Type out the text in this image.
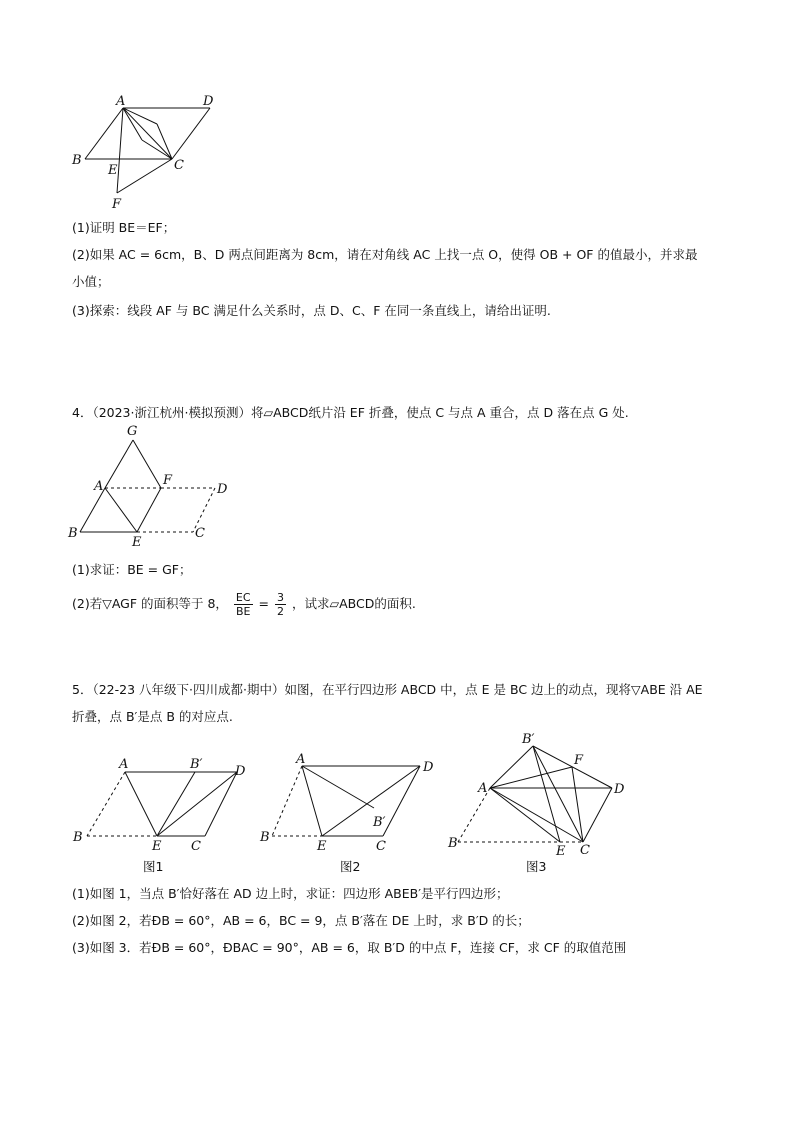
A	D
B
E	C
F
(1)证明 BE＝EF；
(2)如果 AC = 6cm，B、D 两点间距离为 8cm，请在对角线 AC 上找一点 O，使得 OB + OF 的值最小，并求最
小值；
(3)探索：线段 AF 与 BC 满足什么关系时，点 D、C、F 在同一条直线上，请给出证明.
4．（2023·浙江杭州·模拟预测）将▱ABCD纸片沿 EF 折叠，使点 C 与点 A 重合，点 D 落在点 G 处.
G
A	F
D
B
E
C
(1)求证：BE = GF；
(2)若▽AGF 的面积等于 8， $\frac{EC}{BE} = \frac{3}{2}$ ，试求▱ABCD的面积.
5．（22-23 八年级下·四川成都·期中）如图，在平行四边形 ABCD 中，点 E 是 BC 边上的动点，现将▽ABE 沿 AE
折叠，点 B′是点 B 的对应点.
A	B′ D
B
E C
图1
A
D
B′
B
E	C
图2
B′
F
A	D
B
E C
图3
(1)如图 1，当点 B′恰好落在 AD 边上时，求证：四边形 ABEB′是平行四边形；
(2)如图 2，若ÐB = 60°，AB = 6，BC = 9，点 B′落在 DE 上时，求 B′D 的长；
(3)如图 3．若ÐB = 60°，ÐBAC = 90°，AB = 6，取 B′D 的中点 F，连接 CF，求 CF 的取值范围
